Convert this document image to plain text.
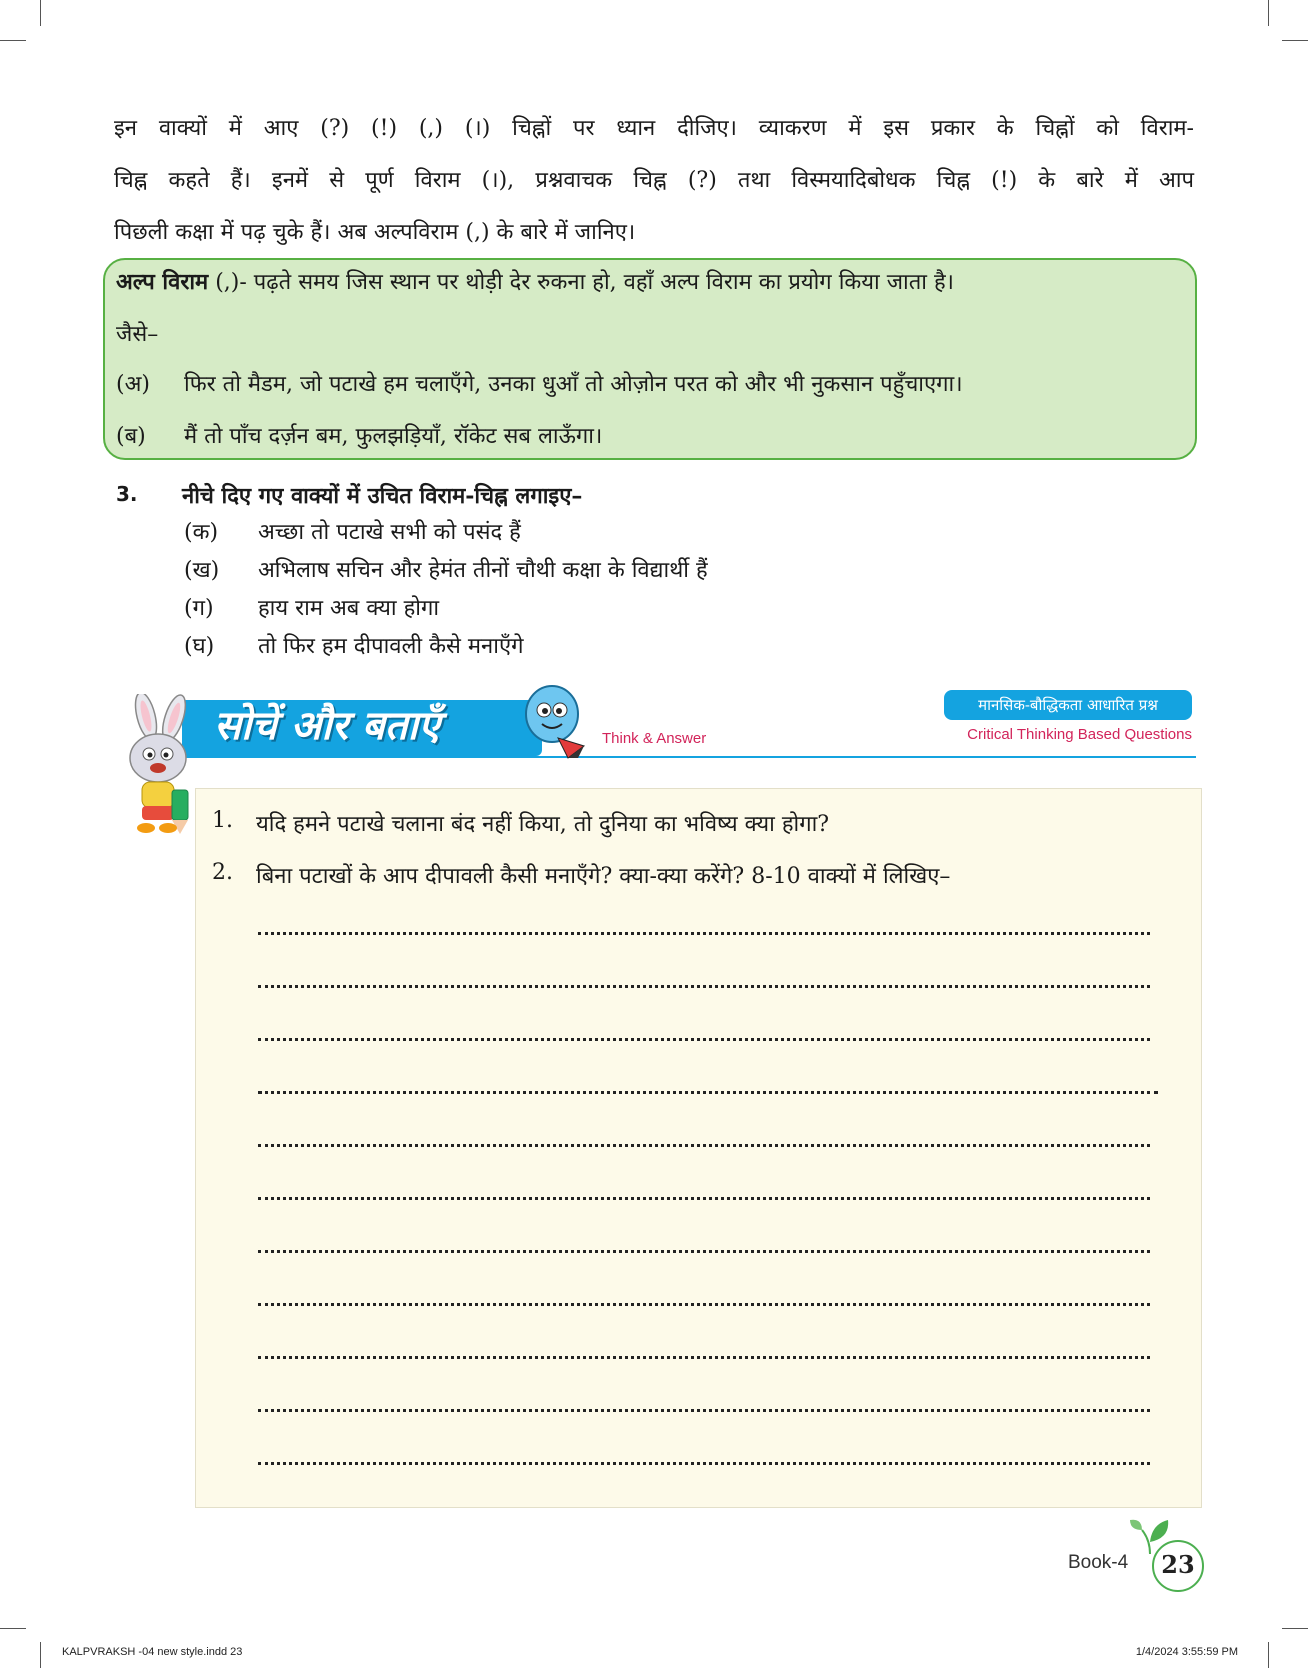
इन वाक्यों में आए (?) (!) (,) (।) चिह्नों पर ध्यान दीजिए। व्याकरण में इस प्रकार के चिह्नों को विराम-

चिह्न कहते हैं। इनमें से पूर्ण विराम (।), प्रश्नवाचक चिह्न (?) तथा विस्मयादिबोधक चिह्न (!) के बारे में आप

पिछली कक्षा में पढ़ चुके हैं। अब अल्पविराम (,) के बारे में जानिए।

अल्प विराम (,)- पढ़ते समय जिस स्थान पर थोड़ी देर रुकना हो, वहाँ अल्प विराम का प्रयोग किया जाता है।
जैसे–
(अ) फिर तो मैडम, जो पटाखे हम चलाएँगे, उनका धुआँ तो ओज़ोन परत को और भी नुकसान पहुँचाएगा।
(ब) मैं तो पाँच दर्ज़न बम, फुलझड़ियाँ, रॉकेट सब लाऊँगा।
3. नीचे दिए गए वाक्यों में उचित विराम-चिह्न लगाइए–
(क) अच्छा तो पटाखे सभी को पसंद हैं
(ख) अभिलाष सचिन और हेमंत तीनों चौथी कक्षा के विद्यार्थी हैं
(ग) हाय राम अब क्या होगा
(घ) तो फिर हम दीपावली कैसे मनाएँगे
सोचें और बताएँ	Think & Answer
मानसिक-बौद्धिकता आधारित प्रश्न
Critical Thinking Based Questions
1. यदि हमने पटाखे चलाना बंद नहीं किया, तो दुनिया का भविष्य क्या होगा?
2. बिना पटाखों के आप दीपावली कैसी मनाएँगे? क्या-क्या करेंगे? 8-10 वाक्यों में लिखिए–
Book-4	23
KALPVRAKSH -04 new style.indd 23	1/4/2024 3:55:59 PM
